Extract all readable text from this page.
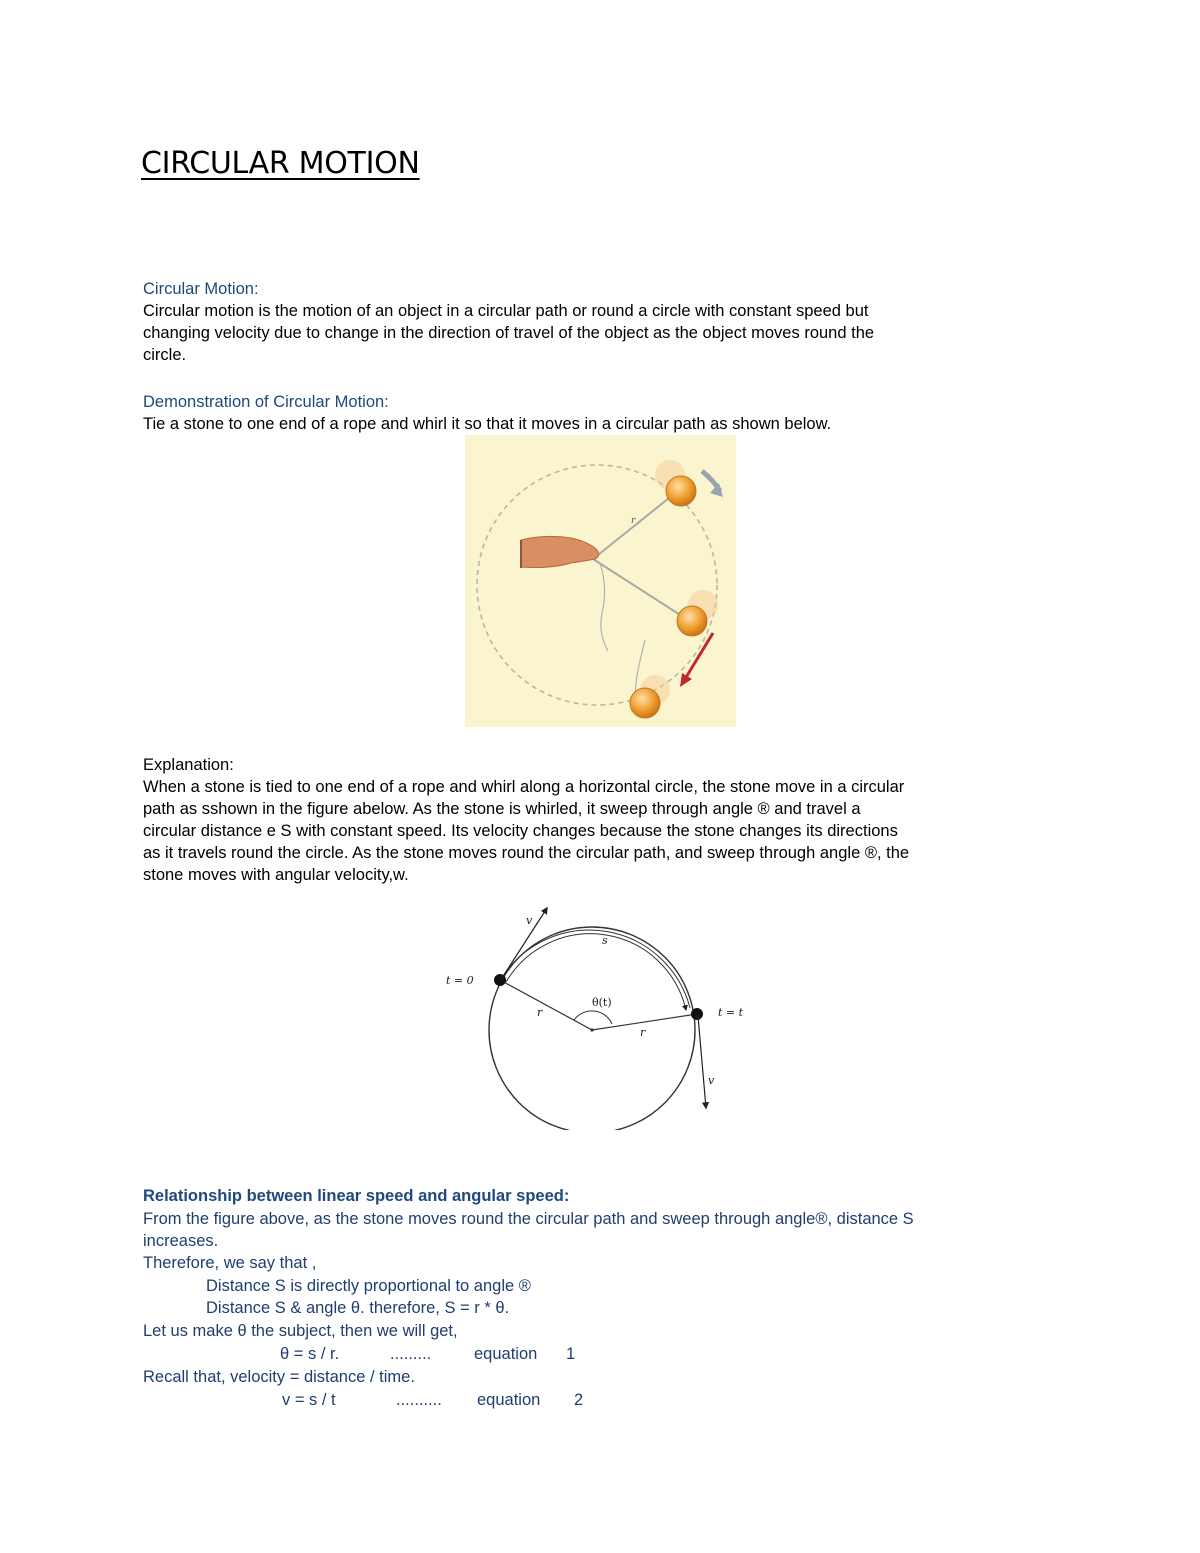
CIRCULAR MOTION

Circular Motion:

Circular motion is the motion of an object in a circular path or round a circle with constant speed but

changing velocity due to change in the direction of travel of the object as the object moves round the

circle.

Demonstration of Circular Motion:

Tie a stone to one end of a rope and whirl it so that it moves in a circular path as shown below.

r

Explanation:

When a stone is tied to one end of a rope and whirl along a horizontal circle, the stone move in a circular

path as sshown in the figure abelow. As the stone is whirled, it sweep through angle ® and travel a

circular distance e S with constant speed. Its velocity changes because the stone changes its directions

as it travels round the circle. As the stone moves round the circular path, and sweep through angle ®, the

stone moves with angular velocity,w.

t = 0
t = t
v
v
s
θ(t)
r
r

Relationship between linear speed and angular speed:

From the figure above, as the stone moves round the circular path and sweep through angle®, distance S

increases.

Therefore, we say that ,

Distance S is directly proportional to angle ®

Distance S & angle θ. therefore, S = r * θ.

Let us make θ the subject, then we will get,

θ = s / r.	.........	equation 1

Recall that, velocity = distance / time.

v = s / t	.......... equation 2
